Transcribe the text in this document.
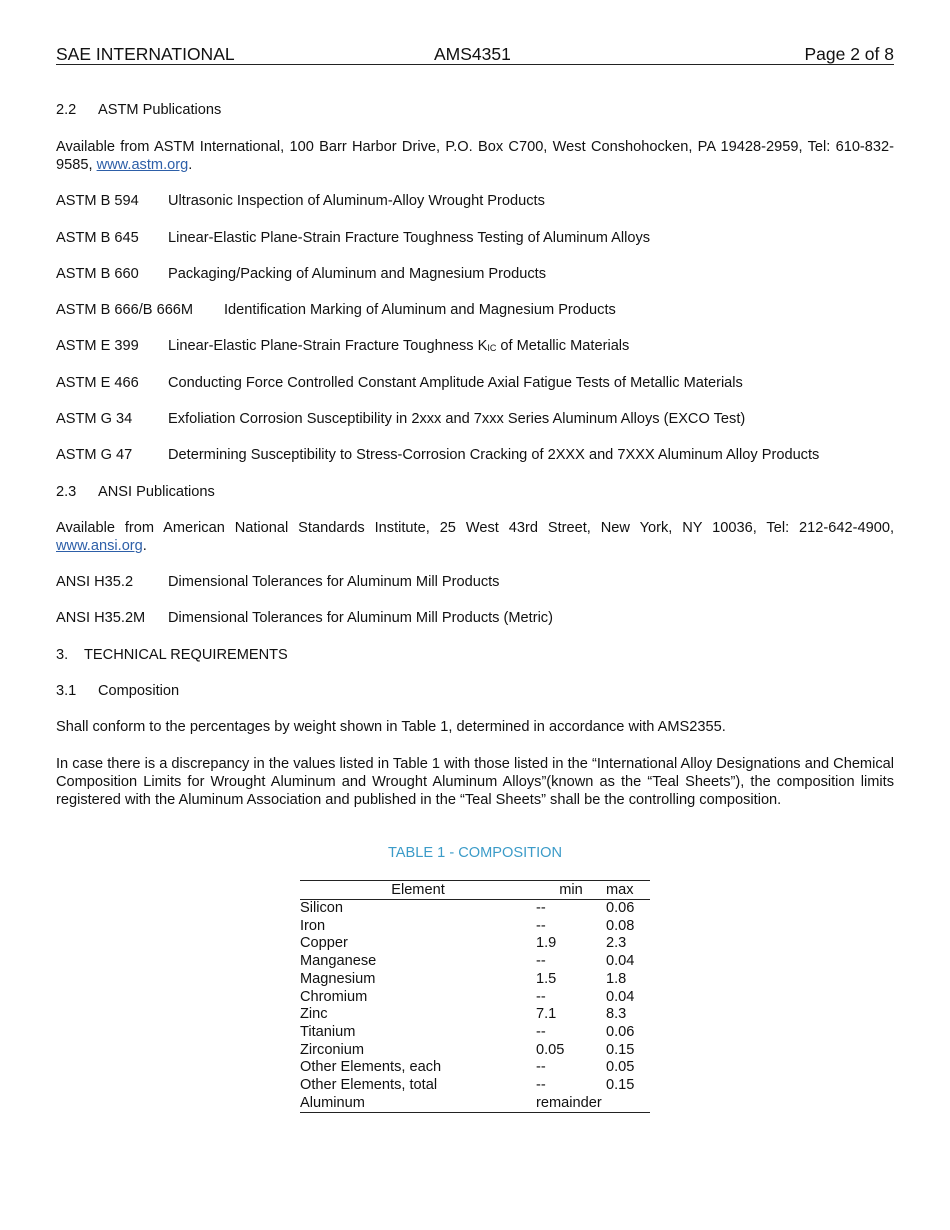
SAE INTERNATIONAL	AMS4351	Page 2 of 8
2.2 ASTM Publications
Available from ASTM International, 100 Barr Harbor Drive, P.O. Box C700, West Conshohocken, PA 19428-2959, Tel: 610-832-9585, www.astm.org.
ASTM B 594 Ultrasonic Inspection of Aluminum-Alloy Wrought Products
ASTM B 645 Linear-Elastic Plane-Strain Fracture Toughness Testing of Aluminum Alloys
ASTM B 660 Packaging/Packing of Aluminum and Magnesium Products
ASTM B 666/B 666M Identification Marking of Aluminum and Magnesium Products
ASTM E 399 Linear-Elastic Plane-Strain Fracture Toughness KIC of Metallic Materials
ASTM E 466 Conducting Force Controlled Constant Amplitude Axial Fatigue Tests of Metallic Materials
ASTM G 34 Exfoliation Corrosion Susceptibility in 2xxx and 7xxx Series Aluminum Alloys (EXCO Test)
ASTM G 47 Determining Susceptibility to Stress-Corrosion Cracking of 2XXX and 7XXX Aluminum Alloy Products
2.3 ANSI Publications
Available from American National Standards Institute, 25 West 43rd Street, New York, NY 10036, Tel: 212-642-4900, www.ansi.org.
ANSI H35.2 Dimensional Tolerances for Aluminum Mill Products
ANSI H35.2M Dimensional Tolerances for Aluminum Mill Products (Metric)
3. TECHNICAL REQUIREMENTS
3.1 Composition
Shall conform to the percentages by weight shown in Table 1, determined in accordance with AMS2355.
In case there is a discrepancy in the values listed in Table 1 with those listed in the “International Alloy Designations and Chemical Composition Limits for Wrought Aluminum and Wrought Aluminum Alloys”(known as the “Teal Sheets”), the composition limits registered with the Aluminum Association and published in the “Teal Sheets” shall be the controlling composition.
TABLE 1 - COMPOSITION
Element	min	max
Silicon	--	0.06
Iron	--	0.08
Copper	1.9	2.3
Manganese	--	0.04
Magnesium	1.5	1.8
Chromium	--	0.04
Zinc	7.1	8.3
Titanium	--	0.06
Zirconium	0.05	0.15
Other Elements, each	--	0.05
Other Elements, total	--	0.15
Aluminum	remainder	
